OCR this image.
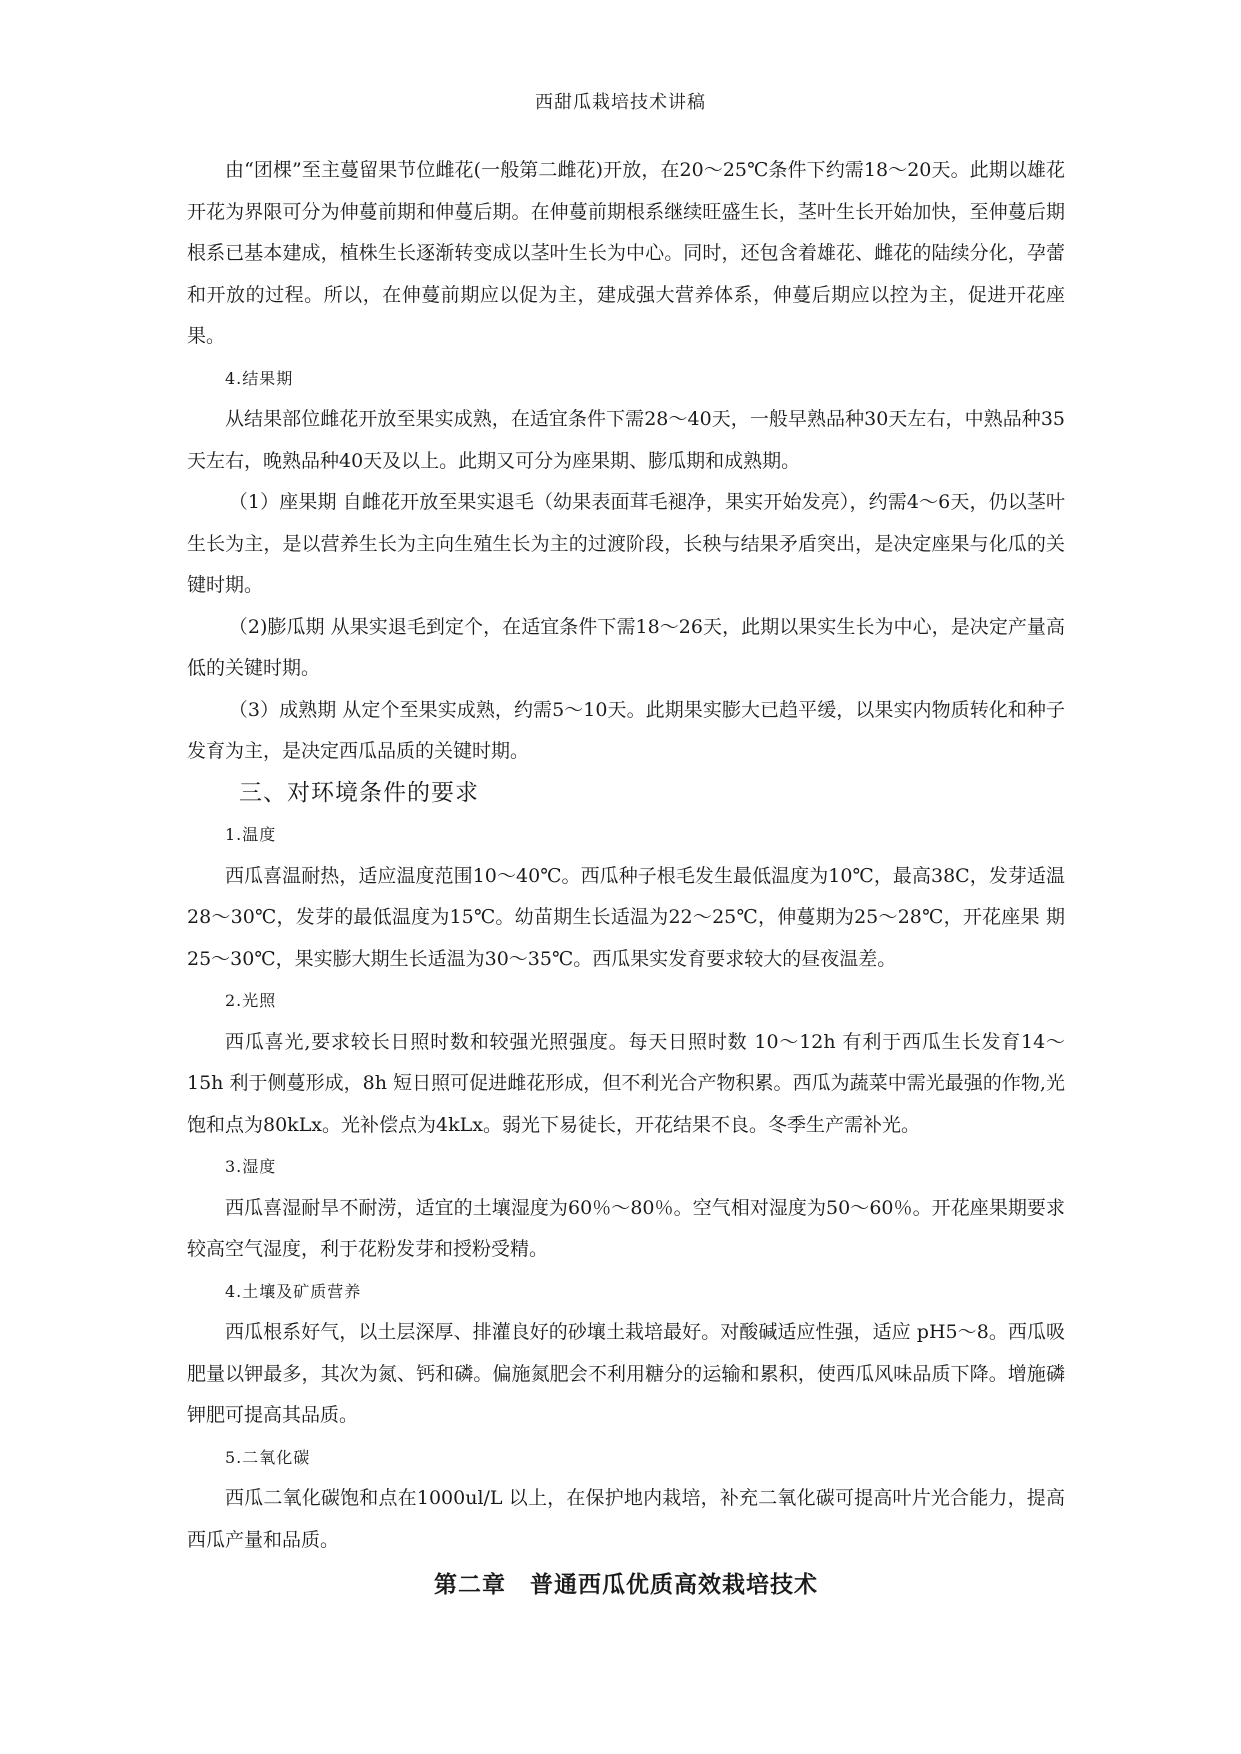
西甜瓜栽培技术讲稿

由“团棵”至主蔓留果节位雌花(一般第二雌花)开放，在20～25℃条件下约需18～20天。此期以雄花开花为界限可分为伸蔓前期和伸蔓后期。在伸蔓前期根系继续旺盛生长，茎叶生长开始加快，至伸蔓后期根系已基本建成，植株生长逐渐转变成以茎叶生长为中心。同时，还包含着雄花、雌花的陆续分化，孕蕾和开放的过程。所以，在伸蔓前期应以促为主，建成强大营养体系，伸蔓后期应以控为主，促进开花座果。

4.结果期

从结果部位雌花开放至果实成熟，在适宜条件下需28～40天，一般早熟品种30天左右，中熟品种35天左右，晚熟品种40天及以上。此期又可分为座果期、膨瓜期和成熟期。

（1）座果期 自雌花开放至果实退毛（幼果表面茸毛褪净，果实开始发亮），约需4～6天，仍以茎叶生长为主，是以营养生长为主向生殖生长为主的过渡阶段，长秧与结果矛盾突出，是决定座果与化瓜的关键时期。

（2)膨瓜期 从果实退毛到定个，在适宜条件下需18～26天，此期以果实生长为中心，是决定产量高低的关键时期。

（3）成熟期 从定个至果实成熟，约需5～10天。此期果实膨大已趋平缓，以果实内物质转化和种子发育为主，是决定西瓜品质的关键时期。

三、对环境条件的要求

1.温度

西瓜喜温耐热，适应温度范围10～40℃。西瓜种子根毛发生最低温度为10℃，最高38C，发芽适温28～30℃，发芽的最低温度为15℃。幼苗期生长适温为22～25℃，伸蔓期为25～28℃，开花座果 期25～30℃，果实膨大期生长适温为30～35℃。西瓜果实发育要求较大的昼夜温差。

2.光照

西瓜喜光,要求较长日照时数和较强光照强度。每天日照时数 10～12h 有利于西瓜生长发育14～15h 利于侧蔓形成，8h 短日照可促进雌花形成，但不利光合产物积累。西瓜为蔬菜中需光最强的作物,光饱和点为80kLx。光补偿点为4kLx。弱光下易徒长，开花结果不良。冬季生产需补光。

3.湿度

西瓜喜湿耐旱不耐涝，适宜的土壤湿度为60％～80％。空气相对湿度为50～60％。开花座果期要求较高空气湿度，利于花粉发芽和授粉受精。

4.土壤及矿质营养

西瓜根系好气，以土层深厚、排灌良好的砂壤土栽培最好。对酸碱适应性强，适应 pH5～8。西瓜吸肥量以钾最多，其次为氮、钙和磷。偏施氮肥会不利用糖分的运输和累积，使西瓜风味品质下降。增施磷钾肥可提高其品质。

5.二氧化碳

西瓜二氧化碳饱和点在1000ul/L 以上，在保护地内栽培，补充二氧化碳可提高叶片光合能力，提高西瓜产量和品质。

第二章　普通西瓜优质高效栽培技术
